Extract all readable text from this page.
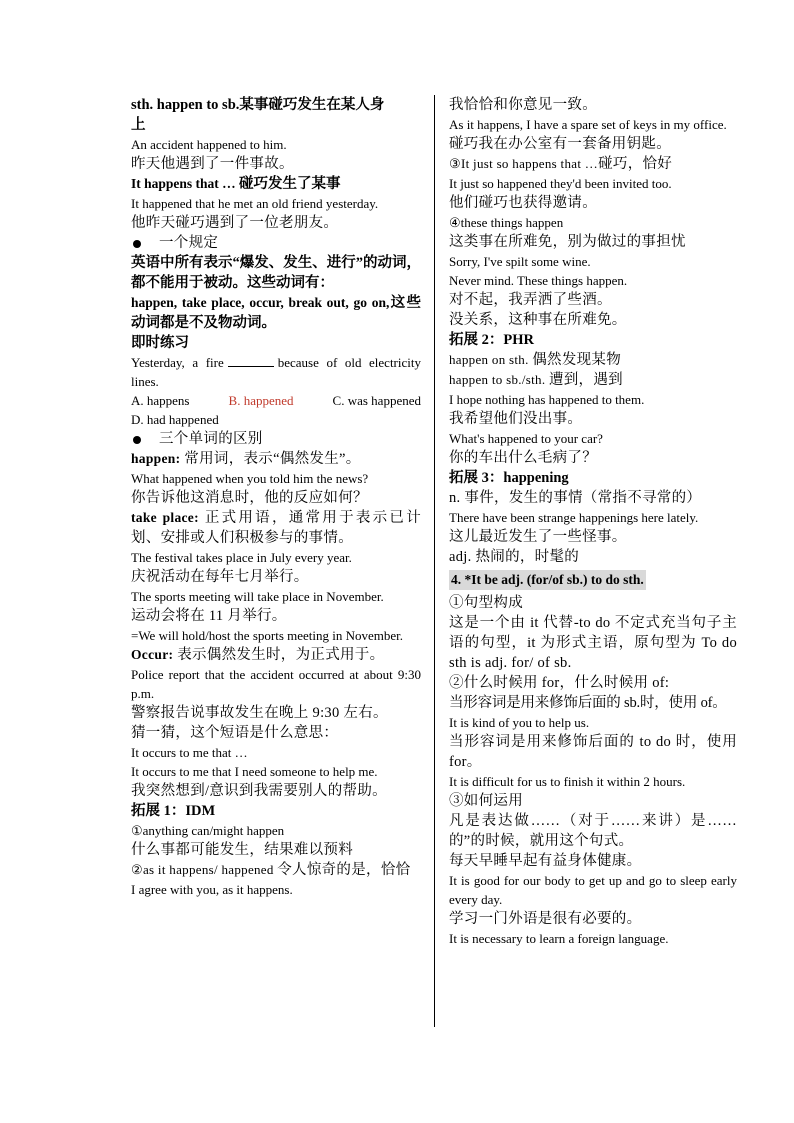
sth. happen to sb.某事碰巧发生在某人身

上

An accident happened to him.

昨天他遇到了一件事故。

It happens that … 碰巧发生了某事

It happened that he met an old friend yesterday.

他昨天碰巧遇到了一位老朋友。

一个规定

英语中所有表示“爆发、发生、进行”的动词，都不能用于被动。这些动词有：

happen, take place, occur, break out, go on,这些动词都是不及物动词。

即时练习

Yesterday, a fire	because of old electricity lines.

A. happens	B. happened	C. was happened

D. had happened

三个单词的区别

happen: 常用词，表示“偶然发生”。

What happened when you told him the news?

你告诉他这消息时，他的反应如何？

take place: 正式用语，通常用于表示已计划、安排或人们积极参与的事情。

The festival takes place in July every year.

庆祝活动在每年七月举行。

The sports meeting will take place in November.

运动会将在 11 月举行。

=We will hold/host the sports meeting in November.

Occur: 表示偶然发生时，为正式用于。

Police report that the accident occurred at about 9:30 p.m.

警察报告说事故发生在晚上 9:30 左右。

猜一猜，这个短语是什么意思：

It occurs to me that …

It occurs to me that I need someone to help me.

我突然想到/意识到我需要别人的帮助。

拓展 1：IDM

①anything can/might happen

什么事都可能发生，结果难以预料

②as it happens/ happened 令人惊奇的是，恰恰

I agree with you, as it happens.

我恰恰和你意见一致。

As it happens, I have a spare set of keys in my office.

碰巧我在办公室有一套备用钥匙。

③It just so happens that …碰巧，恰好

It just so happened they'd been invited too.

他们碰巧也获得邀请。

④these things happen

这类事在所难免，别为做过的事担忧

Sorry, I've spilt some wine.

Never mind. These things happen.

对不起，我弄洒了些酒。

没关系，这种事在所难免。

拓展 2：PHR

happen on sth. 偶然发现某物

happen to sb./sth. 遭到，遇到

I hope nothing has happened to them.

我希望他们没出事。

What's happened to your car?

你的车出什么毛病了？

拓展 3：happening

n. 事件，发生的事情（常指不寻常的）

There have been strange happenings here lately.

这儿最近发生了一些怪事。

adj. 热闹的，时髦的

4. *It be adj. (for/of sb.) to do sth.

①句型构成

这是一个由 it 代替-to do 不定式充当句子主语的句型，it 为形式主语，原句型为 To do sth is adj. for/ of sb.

②什么时候用 for，什么时候用 of:

当形容词是用来修饰后面的 sb.时，使用 of。

It is kind of you to help us.

当形容词是用来修饰后面的 to do 时，使用 for。

It is difficult for us to finish it within 2 hours.

③如何运用

凡是表达做……（对于……来讲）是……的”的时候，就用这个句式。

每天早睡早起有益身体健康。

It is good for our body to get up and go to sleep early every day.

学习一门外语是很有必要的。

It is necessary to learn a foreign language.
